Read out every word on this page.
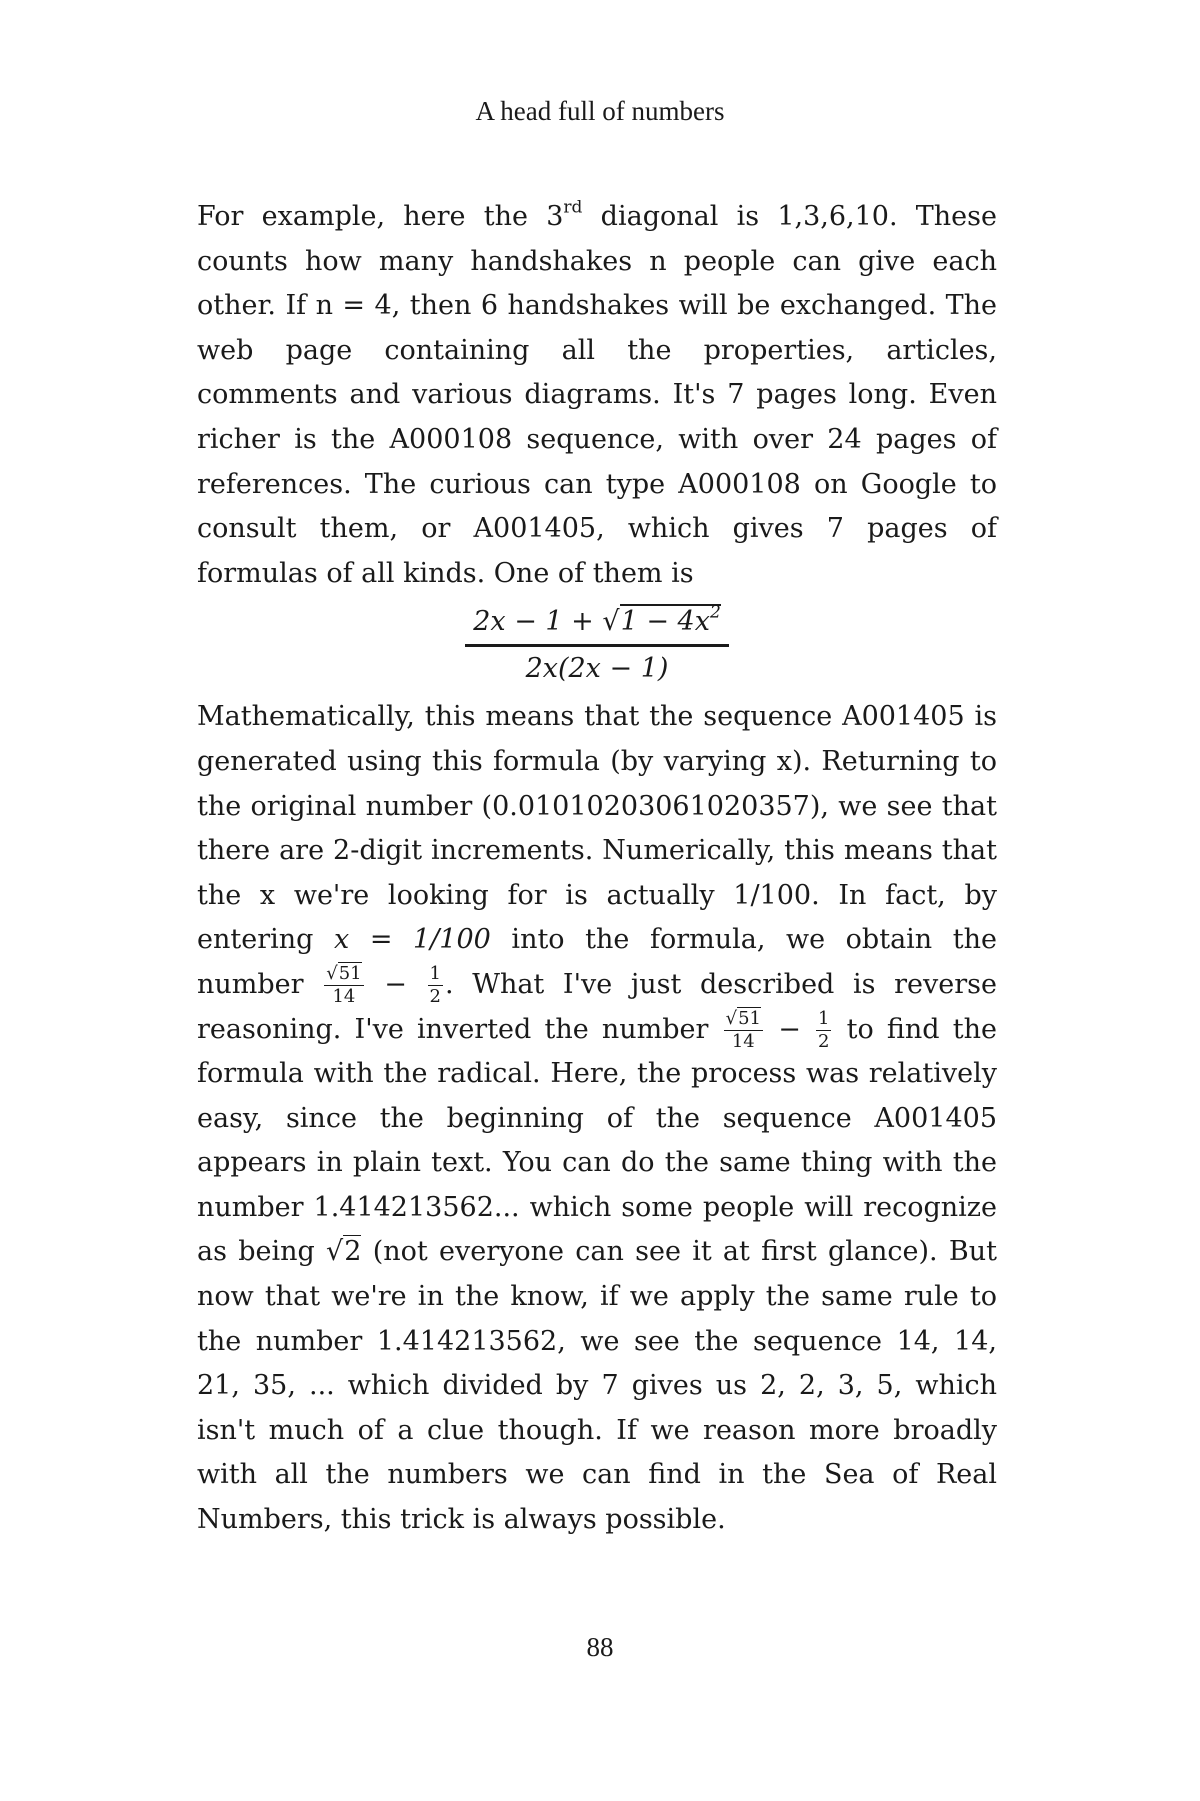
A head full of numbers

For example, here the 3rd diagonal is 1,3,6,10. These counts how many handshakes n people can give each other. If n = 4, then 6 handshakes will be exchanged. The web page containing all the properties, articles, comments and various diagrams. It's 7 pages long. Even richer is the A000108 sequence, with over 24 pages of references. The curious can type A000108 on Google to consult them, or A001405, which gives 7 pages of formulas of all kinds. One of them is

$\frac{2x - 1 + √1 - 4x^2}{2x(2x - 1)}$

Mathematically, this means that the sequence A001405 is generated using this formula (by varying x). Returning to the original number (0.01010203061020357), we see that there are 2-digit increments. Numerically, this means that the x we're looking for is actually 1/100. In fact, by entering x = 1/100 into the formula, we obtain the number $\frac{√51}{14} - \frac{1}{2}$ . What I've just described is reverse reasoning. I've inverted the number $\frac{√51}{14} - \frac{1}{2}$ to find the formula with the radical. Here, the process was relatively easy, since the beginning of the sequence A001405 appears in plain text. You can do the same thing with the number 1.414213562... which some people will recognize as being √2 (not everyone can see it at first glance). But now that we're in the know, if we apply the same rule to the number 1.414213562, we see the sequence 14, 14, 21, 35, ... which divided by 7 gives us 2, 2, 3, 5, which isn't much of a clue though. If we reason more broadly with all the numbers we can find in the Sea of Real Numbers, this trick is always possible.

88
